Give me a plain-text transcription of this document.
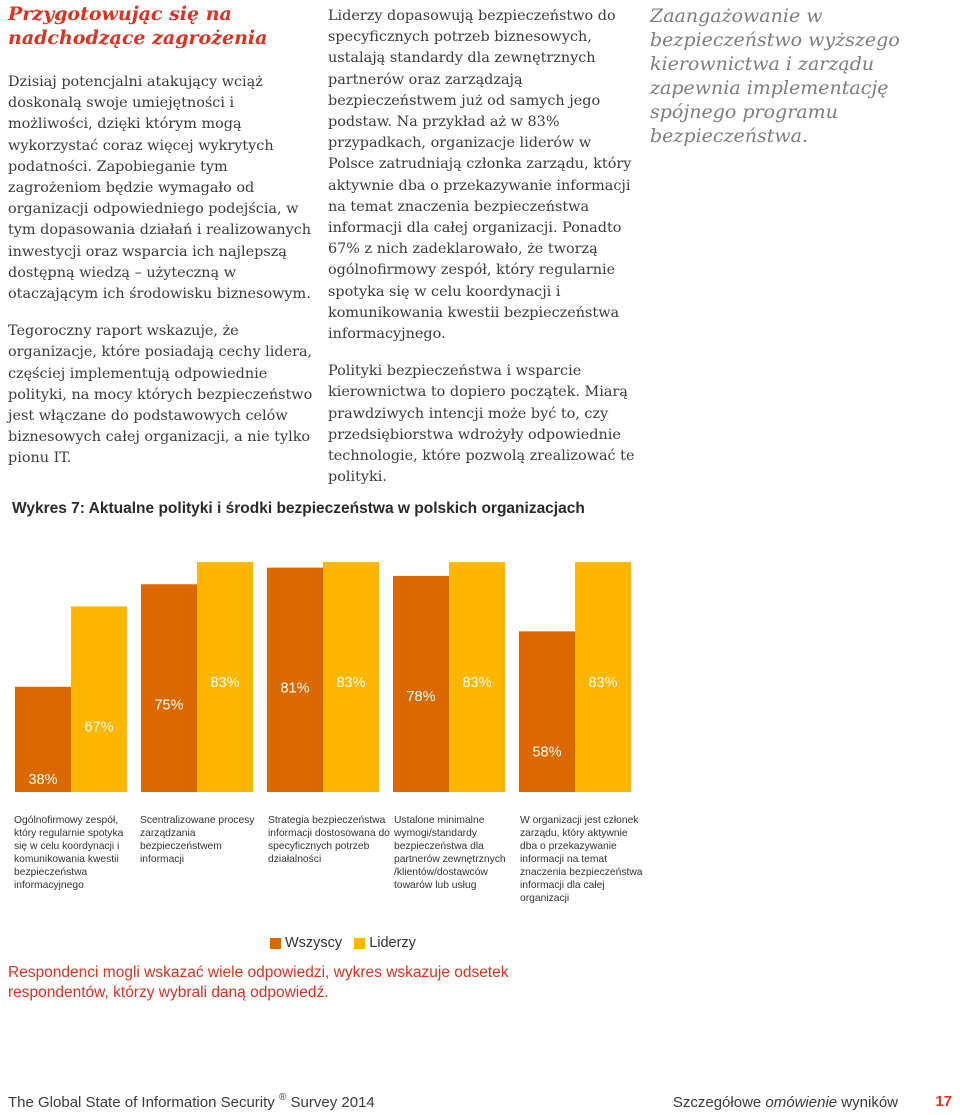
Przygotowując się na nadchodzące zagrożenia

Dzisiaj potencjalni atakujący wciąż doskonalą swoje umiejętności i możliwości, dzięki którym mogą wykorzystać coraz więcej wykrytych podatności. Zapobieganie tym zagrożeniom będzie wymagało od organizacji odpowiedniego podejścia, w tym dopasowania działań i realizowanych inwestycji oraz wsparcia ich najlepszą dostępną wiedzą – użyteczną w otaczającym ich środowisku biznesowym.

Tegoroczny raport wskazuje, że organizacje, które posiadają cechy lidera, częściej implementują odpowiednie polityki, na mocy których bezpieczeństwo jest włączane do podstawowych celów biznesowych całej organizacji, a nie tylko pionu IT.

Liderzy dopasowują bezpieczeństwo do specyficznych potrzeb biznesowych, ustalają standardy dla zewnętrznych partnerów oraz zarządzają bezpieczeństwem już od samych jego podstaw. Na przykład aż w 83% przypadkach, organizacje liderów w Polsce zatrudniają członka zarządu, który aktywnie dba o przekazywanie informacji na temat znaczenia bezpieczeństwa informacji dla całej organizacji. Ponadto 67% z nich zadeklarowało, że tworzą ogólnofirmowy zespół, który regularnie spotyka się w celu koordynacji i komunikowania kwestii bezpieczeństwa informacyjnego.

Polityki bezpieczeństwa i wsparcie kierownictwa to dopiero początek. Miarą prawdziwych intencji może być to, czy przedsiębiorstwa wdrożyły odpowiednie technologie, które pozwolą zrealizować te polityki.

Zaangażowanie w bezpieczeństwo wyższego kierownictwa i zarządu zapewnia implementację spójnego programu bezpieczeństwa.

Wykres 7: Aktualne polityki i środki bezpieczeństwa w polskich organizacjach
38%
75%
81%
78%
58%
67%
83%	83%	83%	83%
Ogólnofirmowy zespół, który regularnie spotyka się w celu koordynacji i komunikowania kwestii bezpieczeństwa informacyjnego
Scentralizowane procesy zarządzania bezpieczeństwem informacji
Strategia bezpieczeństwa informacji dostosowana do specyficznych potrzeb działalności
Ustalone minimalne wymogi/standardy bezpieczeństwa dla partnerów zewnętrznych /klientów/dostawców towarów lub usług
W organizacji jest członek zarządu, który aktywnie dba o przekazywanie informacji na temat znaczenia bezpieczeństwa informacji dla całej organizacji
Wszyscy Liderzy
Respondenci mogli wskazać wiele odpowiedzi, wykres wskazuje odsetek respondentów, którzy wybrali daną odpowiedź.
The Global State of Information Security ® Survey 2014	Szczegółowe omówienie wyników 17
